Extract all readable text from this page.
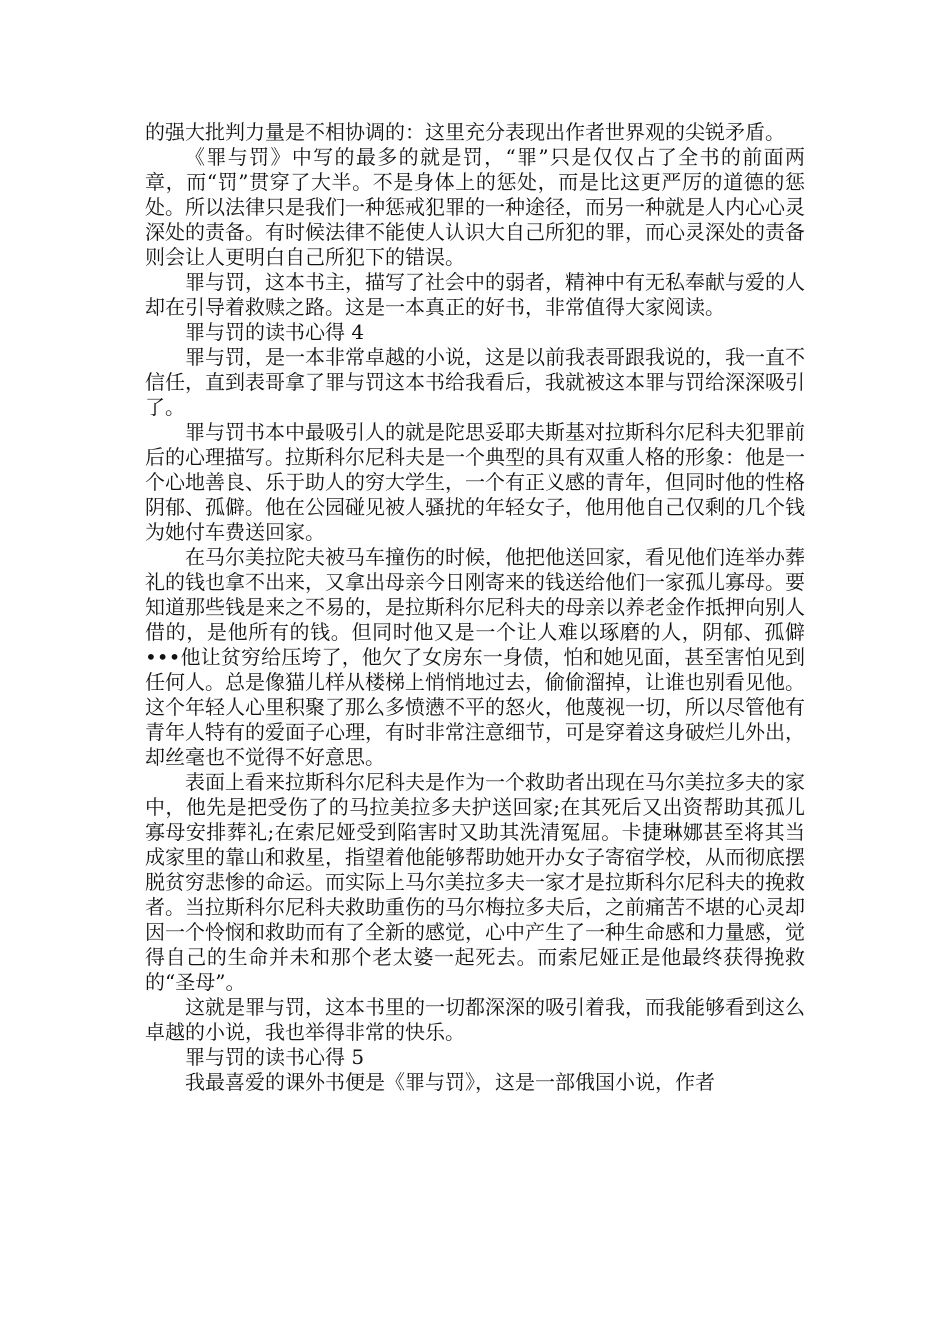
的强大批判力量是不相协调的：这里充分表现出作者世界观的尖锐矛盾。

《罪与罚》中写的最多的就是罚，“罪”只是仅仅占了全书的前面两章，而“罚”贯穿了大半。不是身体上的惩处，而是比这更严厉的道德的惩处。所以法律只是我们一种惩戒犯罪的一种途径，而另一种就是人内心心灵深处的责备。有时候法律不能使人认识大自己所犯的罪，而心灵深处的责备则会让人更明白自己所犯下的错误。

罪与罚，这本书主，描写了社会中的弱者，精神中有无私奉献与爱的人却在引导着救赎之路。这是一本真正的好书，非常值得大家阅读。

罪与罚的读书心得 4

罪与罚，是一本非常卓越的小说，这是以前我表哥跟我说的，我一直不信任，直到表哥拿了罪与罚这本书给我看后，我就被这本罪与罚给深深吸引了。

罪与罚书本中最吸引人的就是陀思妥耶夫斯基对拉斯科尔尼科夫犯罪前后的心理描写。拉斯科尔尼科夫是一个典型的具有双重人格的形象：他是一个心地善良、乐于助人的穷大学生，一个有正义感的青年，但同时他的性格阴郁、孤僻。他在公园碰见被人骚扰的年轻女子，他用他自己仅剩的几个钱为她付车费送回家。

在马尔美拉陀夫被马车撞伤的时候，他把他送回家，看见他们连举办葬礼的钱也拿不出来，又拿出母亲今日刚寄来的钱送给他们一家孤儿寡母。要知道那些钱是来之不易的，是拉斯科尔尼科夫的母亲以养老金作抵押向别人借的，是他所有的钱。但同时他又是一个让人难以琢磨的人，阴郁、孤僻•••他让贫穷给压垮了，他欠了女房东一身债，怕和她见面，甚至害怕见到任何人。总是像猫儿样从楼梯上悄悄地过去，偷偷溜掉，让谁也别看见他。这个年轻人心里积聚了那么多愤懑不平的怒火，他蔑视一切，所以尽管他有青年人特有的爱面子心理，有时非常注意细节，可是穿着这身破烂儿外出，却丝毫也不觉得不好意思。

表面上看来拉斯科尔尼科夫是作为一个救助者出现在马尔美拉多夫的家中，他先是把受伤了的马拉美拉多夫护送回家;在其死后又出资帮助其孤儿寡母安排葬礼;在索尼娅受到陷害时又助其洗清冤屈。卡捷琳娜甚至将其当成家里的靠山和救星，指望着他能够帮助她开办女子寄宿学校，从而彻底摆脱贫穷悲惨的命运。而实际上马尔美拉多夫一家才是拉斯科尔尼科夫的挽救者。当拉斯科尔尼科夫救助重伤的马尔梅拉多夫后，之前痛苦不堪的心灵却因一个怜悯和救助而有了全新的感觉，心中产生了一种生命感和力量感，觉得自己的生命并未和那个老太婆一起死去。而索尼娅正是他最终获得挽救的“圣母”。

这就是罪与罚，这本书里的一切都深深的吸引着我，而我能够看到这么卓越的小说，我也举得非常的快乐。

罪与罚的读书心得 5

我最喜爱的课外书便是《罪与罚》，这是一部俄国小说，作者
